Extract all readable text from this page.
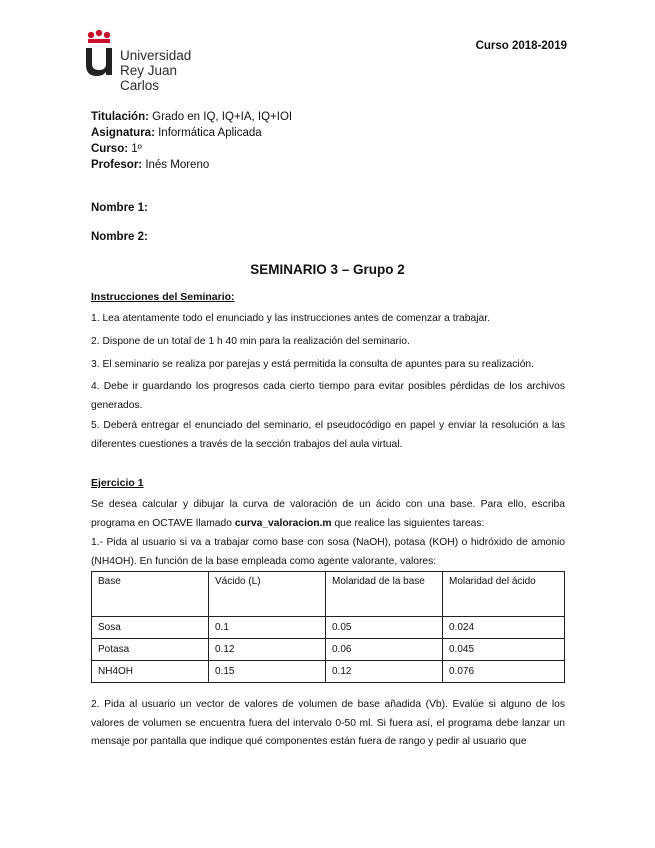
Universidad
Rey Juan Carlos
Curso 2018-2019
Titulación: Grado en IQ, IQ+IA, IQ+IOI
Asignatura: Informática Aplicada
Curso: 1º
Profesor: Inés Moreno
Nombre 1:
Nombre 2:
SEMINARIO 3 – Grupo 2
Instrucciones del Seminario:
1. Lea atentamente todo el enunciado y las instrucciones antes de comenzar a trabajar.
2. Dispone de un total de 1 h 40 min para la realización del seminario.
3. El seminario se realiza por parejas y está permitida la consulta de apuntes para su realización.
4. Debe ir guardando los progresos cada cierto tiempo para evitar posibles pérdidas de los archivos generados.
5. Deberá entregar el enunciado del seminario, el pseudocódigo en papel y enviar la resolución a las diferentes cuestiones a través de la sección trabajos del aula virtual.
Ejercicio 1
Se desea calcular y dibujar la curva de valoración de un ácido con una base. Para ello, escriba programa en OCTAVE llamado curva_valoracion.m que realice las siguientes tareas:
1.- Pida al usuario si va a trabajar como base con sosa (NaOH), potasa (KOH) o hidróxido de amonio (NH4OH). En función de la base empleada como agente valorante, valores:
Base	Vácido (L)	Molaridad de la base	Molaridad del ácido
Sosa	0.1	0.05	0.024
Potasa	0.12	0.06	0.045
NH4OH	0.15	0.12	0.076
2. Pida al usuario un vector de valores de volumen de base añadida (Vb). Evalúe si alguno de los valores de volumen se encuentra fuera del intervalo 0-50 ml. Si fuera así, el programa debe lanzar un mensaje por pantalla que indique qué componentes están fuera de rango y pedir al usuario que
